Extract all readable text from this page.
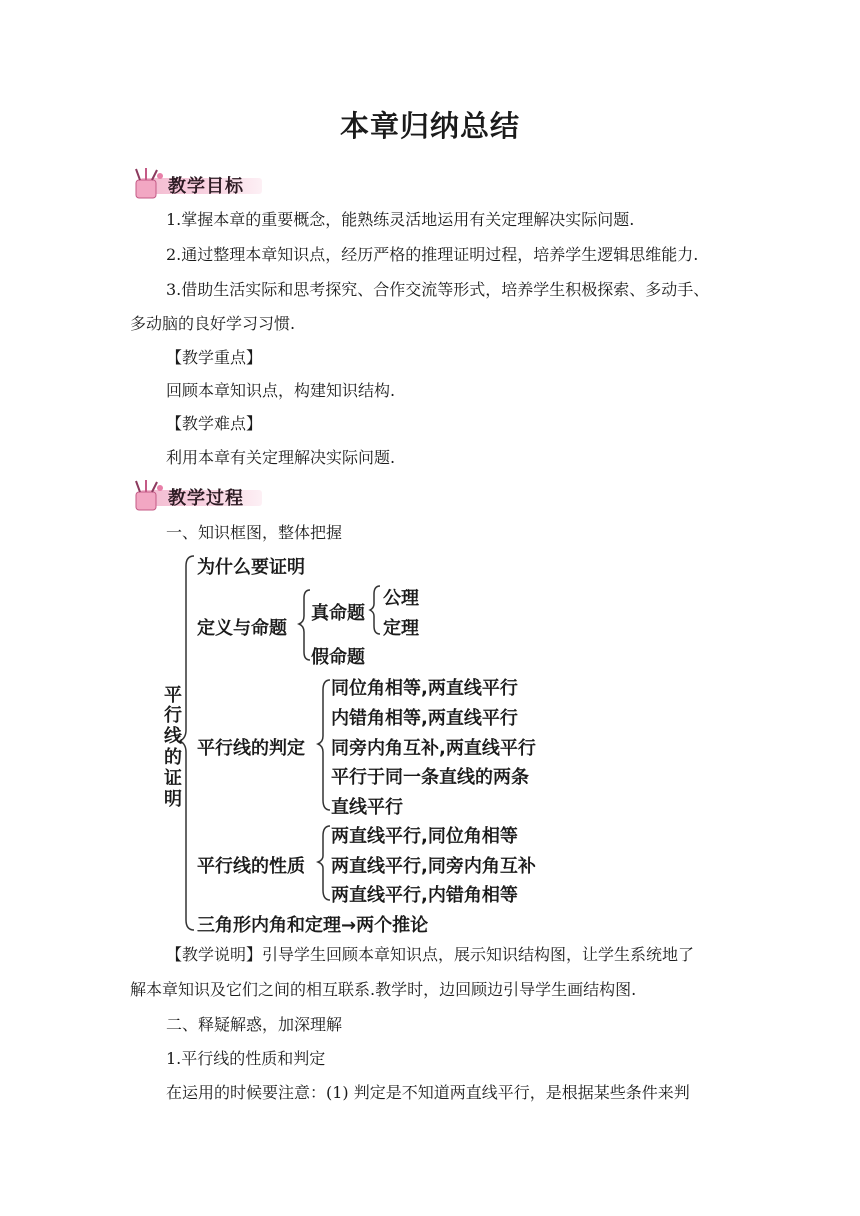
本章归纳总结
教学目标
1.掌握本章的重要概念，能熟练灵活地运用有关定理解决实际问题.
2.通过整理本章知识点，经历严格的推理证明过程，培养学生逻辑思维能力.
3.借助生活实际和思考探究、合作交流等形式，培养学生积极探索、多动手、
多动脑的良好学习习惯.
【教学重点】
回顾本章知识点，构建知识结构.
【教学难点】
利用本章有关定理解决实际问题.
教学过程
一、知识框图，整体把握
平
行
线
的
证
明
为什么要证明
定义与命题
真命题
公理
定理
假命题
平行线的判定
同位角相等,两直线平行
内错角相等,两直线平行
同旁内角互补,两直线平行
平行于同一条直线的两条
直线平行
平行线的性质
两直线平行,同位角相等
两直线平行,同旁内角互补
两直线平行,内错角相等
三角形内角和定理→两个推论
【教学说明】引导学生回顾本章知识点，展示知识结构图，让学生系统地了
解本章知识及它们之间的相互联系.教学时，边回顾边引导学生画结构图.
二、释疑解惑，加深理解
1.平行线的性质和判定
在运用的时候要注意：(1) 判定是不知道两直线平行，是根据某些条件来判
